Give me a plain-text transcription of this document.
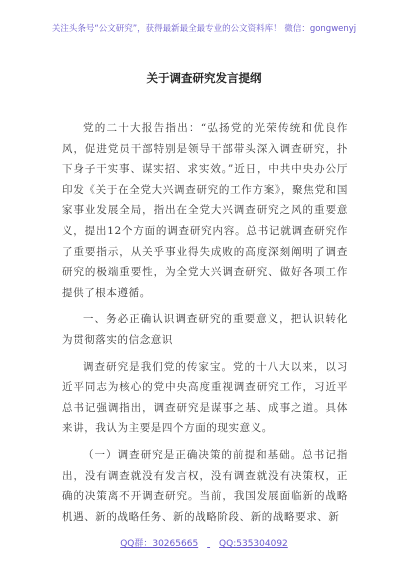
关注头条号“公文研究”，获得最新最全最专业的公文资料库！ 微信：gongwenyj
关于调查研究发言提纲

党的二十大报告指出：“弘扬党的光荣传统和优良作风，促进党员干部特别是领导干部带头深入调查研究，扑下身子干实事、谋实招、求实效。”近日，中共中央办公厅印发《关于在全党大兴调查研究的工作方案》，聚焦党和国家事业发展全局，指出在全党大兴调查研究之风的重要意义，提出12个方面的调查研究内容。总书记就调查研究作了重要指示，从关乎事业得失成败的高度深刻阐明了调查研究的极端重要性，为全党大兴调查研究、做好各项工作提供了根本遵循。

一、务必正确认识调查研究的重要意义，把认识转化为贯彻落实的信念意识

调查研究是我们党的传家宝。党的十八大以来，以习近平同志为核心的党中央高度重视调查研究工作，习近平总书记强调指出，调查研究是谋事之基、成事之道。具体来讲，我认为主要是四个方面的现实意义。

（一）调查研究是正确决策的前提和基础。总书记指出，没有调查就没有发言权，没有调查就没有决策权，正确的决策离不开调查研究。当前，我国发展面临新的战略机遇、新的战略任务、新的战略阶段、新的战略要求、新

QQ群：30265665 QQ:535304092
